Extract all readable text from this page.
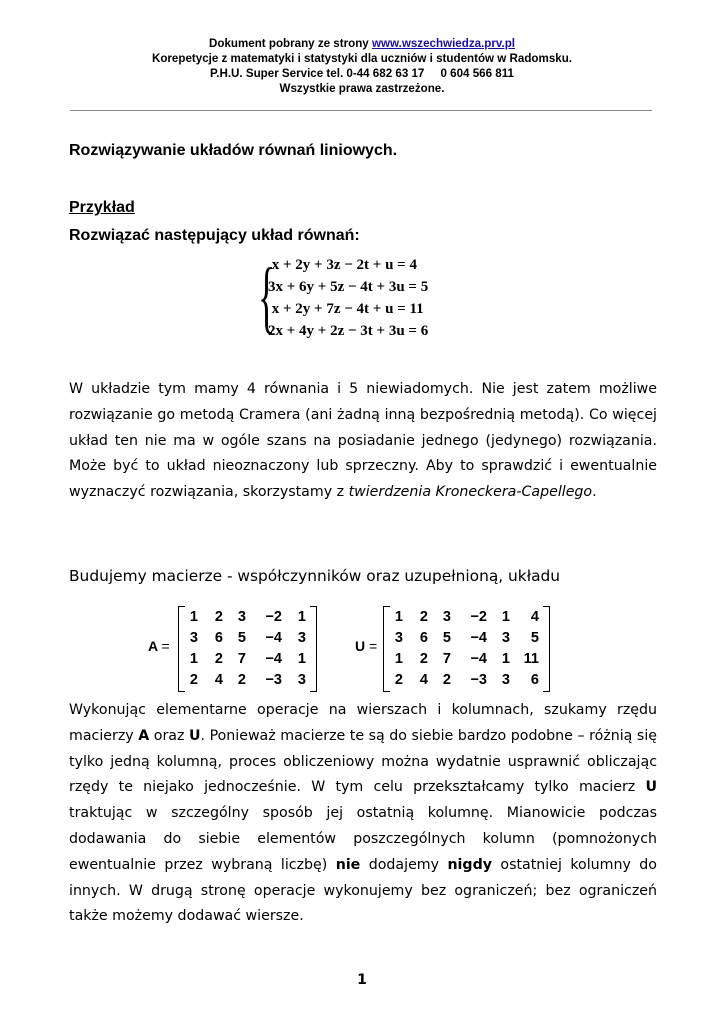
Dokument pobrany ze strony www.wszechwiedza.prv.pl
Korepetycje z matematyki i statystyki dla uczniów i studentów w Radomsku.
P.H.U. Super Service tel. 0-44 682 63 17     0 604 566 811
Wszystkie prawa zastrzeżone.
Rozwiązywanie układów równań liniowych.
Przykład
Rozwiązać następujący układ równań:
{
x + 2y + 3z − 2t + u = 4
3x + 6y + 5z − 4t + 3u = 5
x + 2y + 7z − 4t + u = 11
2x + 4y + 2z − 3t + 3u = 6

W układzie tym mamy 4 równania i 5 niewiadomych. Nie jest zatem możliwe rozwiązanie go metodą Cramera (ani żadną inną bezpośrednią metodą). Co więcej układ ten nie ma w ogóle szans na posiadanie jednego (jedynego) rozwiązania. Może być to układ nieoznaczony lub sprzeczny. Aby to sprawdzić i ewentualnie wyznaczyć rozwiązania, skorzystamy z twierdzenia Kroneckera-Capellego.

Budujemy macierze - współczynników oraz uzupełnioną, układu
A =
1	2	3	−2	1
3	6	5	−4	3
1	2	7	−4	1
2	4	2	−3	3
U =
1	2	3	−2	1	4
3	6	5	−4	3	5
1	2	7	−4	1 11
2	4	2	−3	3	6

Wykonując elementarne operacje na wierszach i kolumnach, szukamy rzędu macierzy A oraz U. Ponieważ macierze te są do siebie bardzo podobne – różnią się tylko jedną kolumną, proces obliczeniowy można wydatnie usprawnić obliczając rzędy te niejako jednocześnie. W tym celu przekształcamy tylko macierz U traktując w szczególny sposób jej ostatnią kolumnę. Mianowicie podczas dodawania do siebie elementów poszczególnych kolumn (pomnożonych ewentualnie przez wybraną liczbę) nie dodajemy nigdy ostatniej kolumny do innych. W drugą stronę operacje wykonujemy bez ograniczeń; bez ograniczeń także możemy dodawać wiersze.

1
